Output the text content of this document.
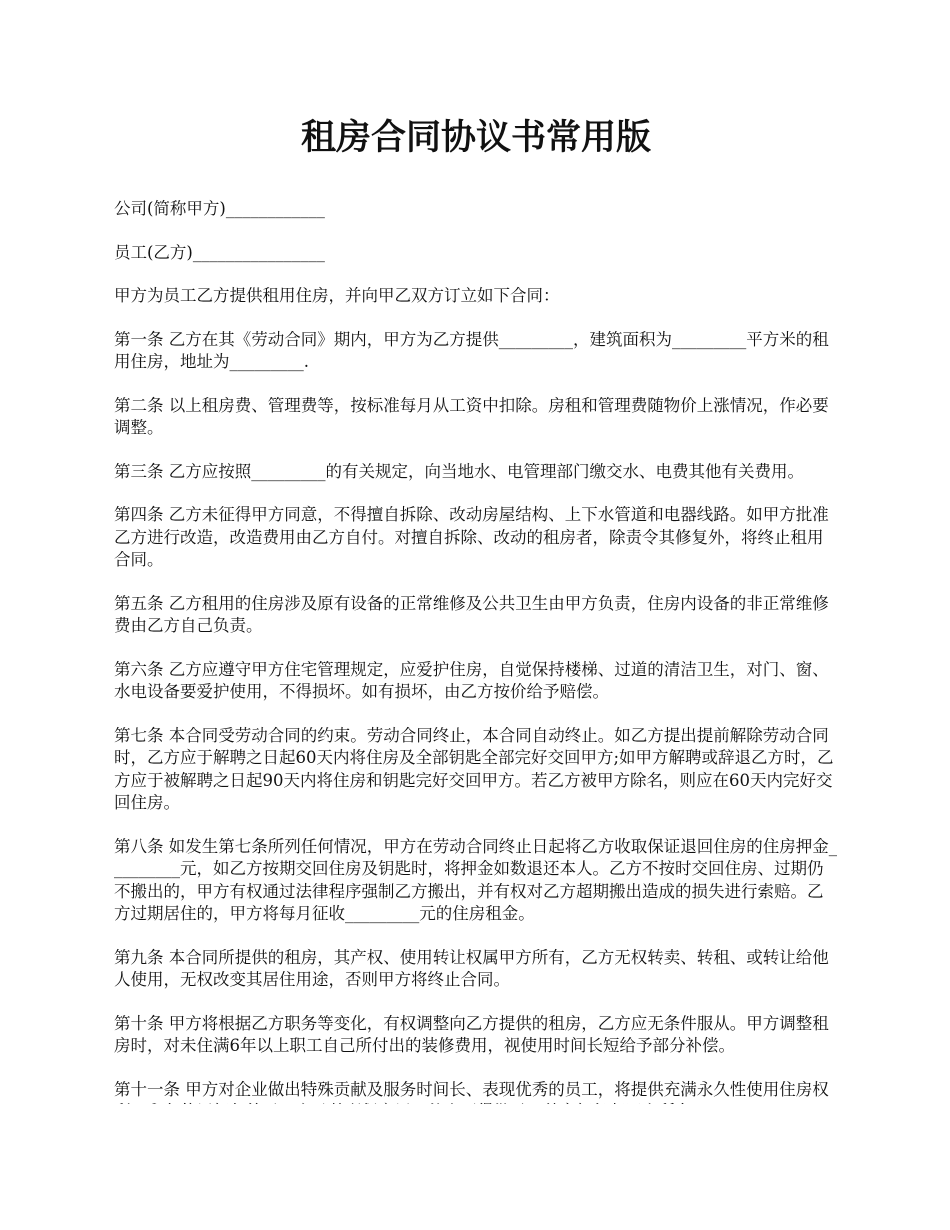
租房合同协议书常用版

公司(简称甲方)____________

员工(乙方)________________

甲方为员工乙方提供租用住房，并向甲乙双方订立如下合同：

第一条 乙方在其《劳动合同》期内，甲方为乙方提供_________，建筑面积为_________平方米的租用住房，地址为_________.

第二条 以上租房费、管理费等，按标准每月从工资中扣除。房租和管理费随物价上涨情况，作必要调整。

第三条 乙方应按照_________的有关规定，向当地水、电管理部门缴交水、电费其他有关费用。

第四条 乙方未征得甲方同意，不得擅自拆除、改动房屋结构、上下水管道和电器线路。如甲方批准乙方进行改造，改造费用由乙方自付。对擅自拆除、改动的租房者，除责令其修复外，将终止租用合同。

第五条 乙方租用的住房涉及原有设备的正常维修及公共卫生由甲方负责，住房内设备的非正常维修费由乙方自己负责。

第六条 乙方应遵守甲方住宅管理规定，应爱护住房，自觉保持楼梯、过道的清洁卫生，对门、窗、水电设备要爱护使用，不得损坏。如有损坏，由乙方按价给予赔偿。

第七条 本合同受劳动合同的约束。劳动合同终止，本合同自动终止。如乙方提出提前解除劳动合同时，乙方应于解聘之日起60天内将住房及全部钥匙全部完好交回甲方;如甲方解聘或辞退乙方时，乙方应于被解聘之日起90天内将住房和钥匙完好交回甲方。若乙方被甲方除名，则应在60天内完好交回住房。

第八条 如发生第七条所列任何情况，甲方在劳动合同终止日起将乙方收取保证退回住房的住房押金_________元，如乙方按期交回住房及钥匙时，将押金如数退还本人。乙方不按时交回住房、过期仍不搬出的，甲方有权通过法律程序强制乙方搬出，并有权对乙方超期搬出造成的损失进行索赔。乙方过期居住的，甲方将每月征收_________元的住房租金。

第九条 本合同所提供的租房，其产权、使用转让权属甲方所有，乙方无权转卖、转租、或转让给他人使用，无权改变其居住用途，否则甲方将终止合同。

第十条 甲方将根据乙方职务等变化，有权调整向乙方提供的租房，乙方应无条件服从。甲方调整租房时，对未住满6年以上职工自己所付出的装修费用，视使用时间长短给予部分补偿。

第十一条 甲方对企业做出特殊贡献及服务时间长、表现优秀的员工，将提供充满永久性使用住房权
